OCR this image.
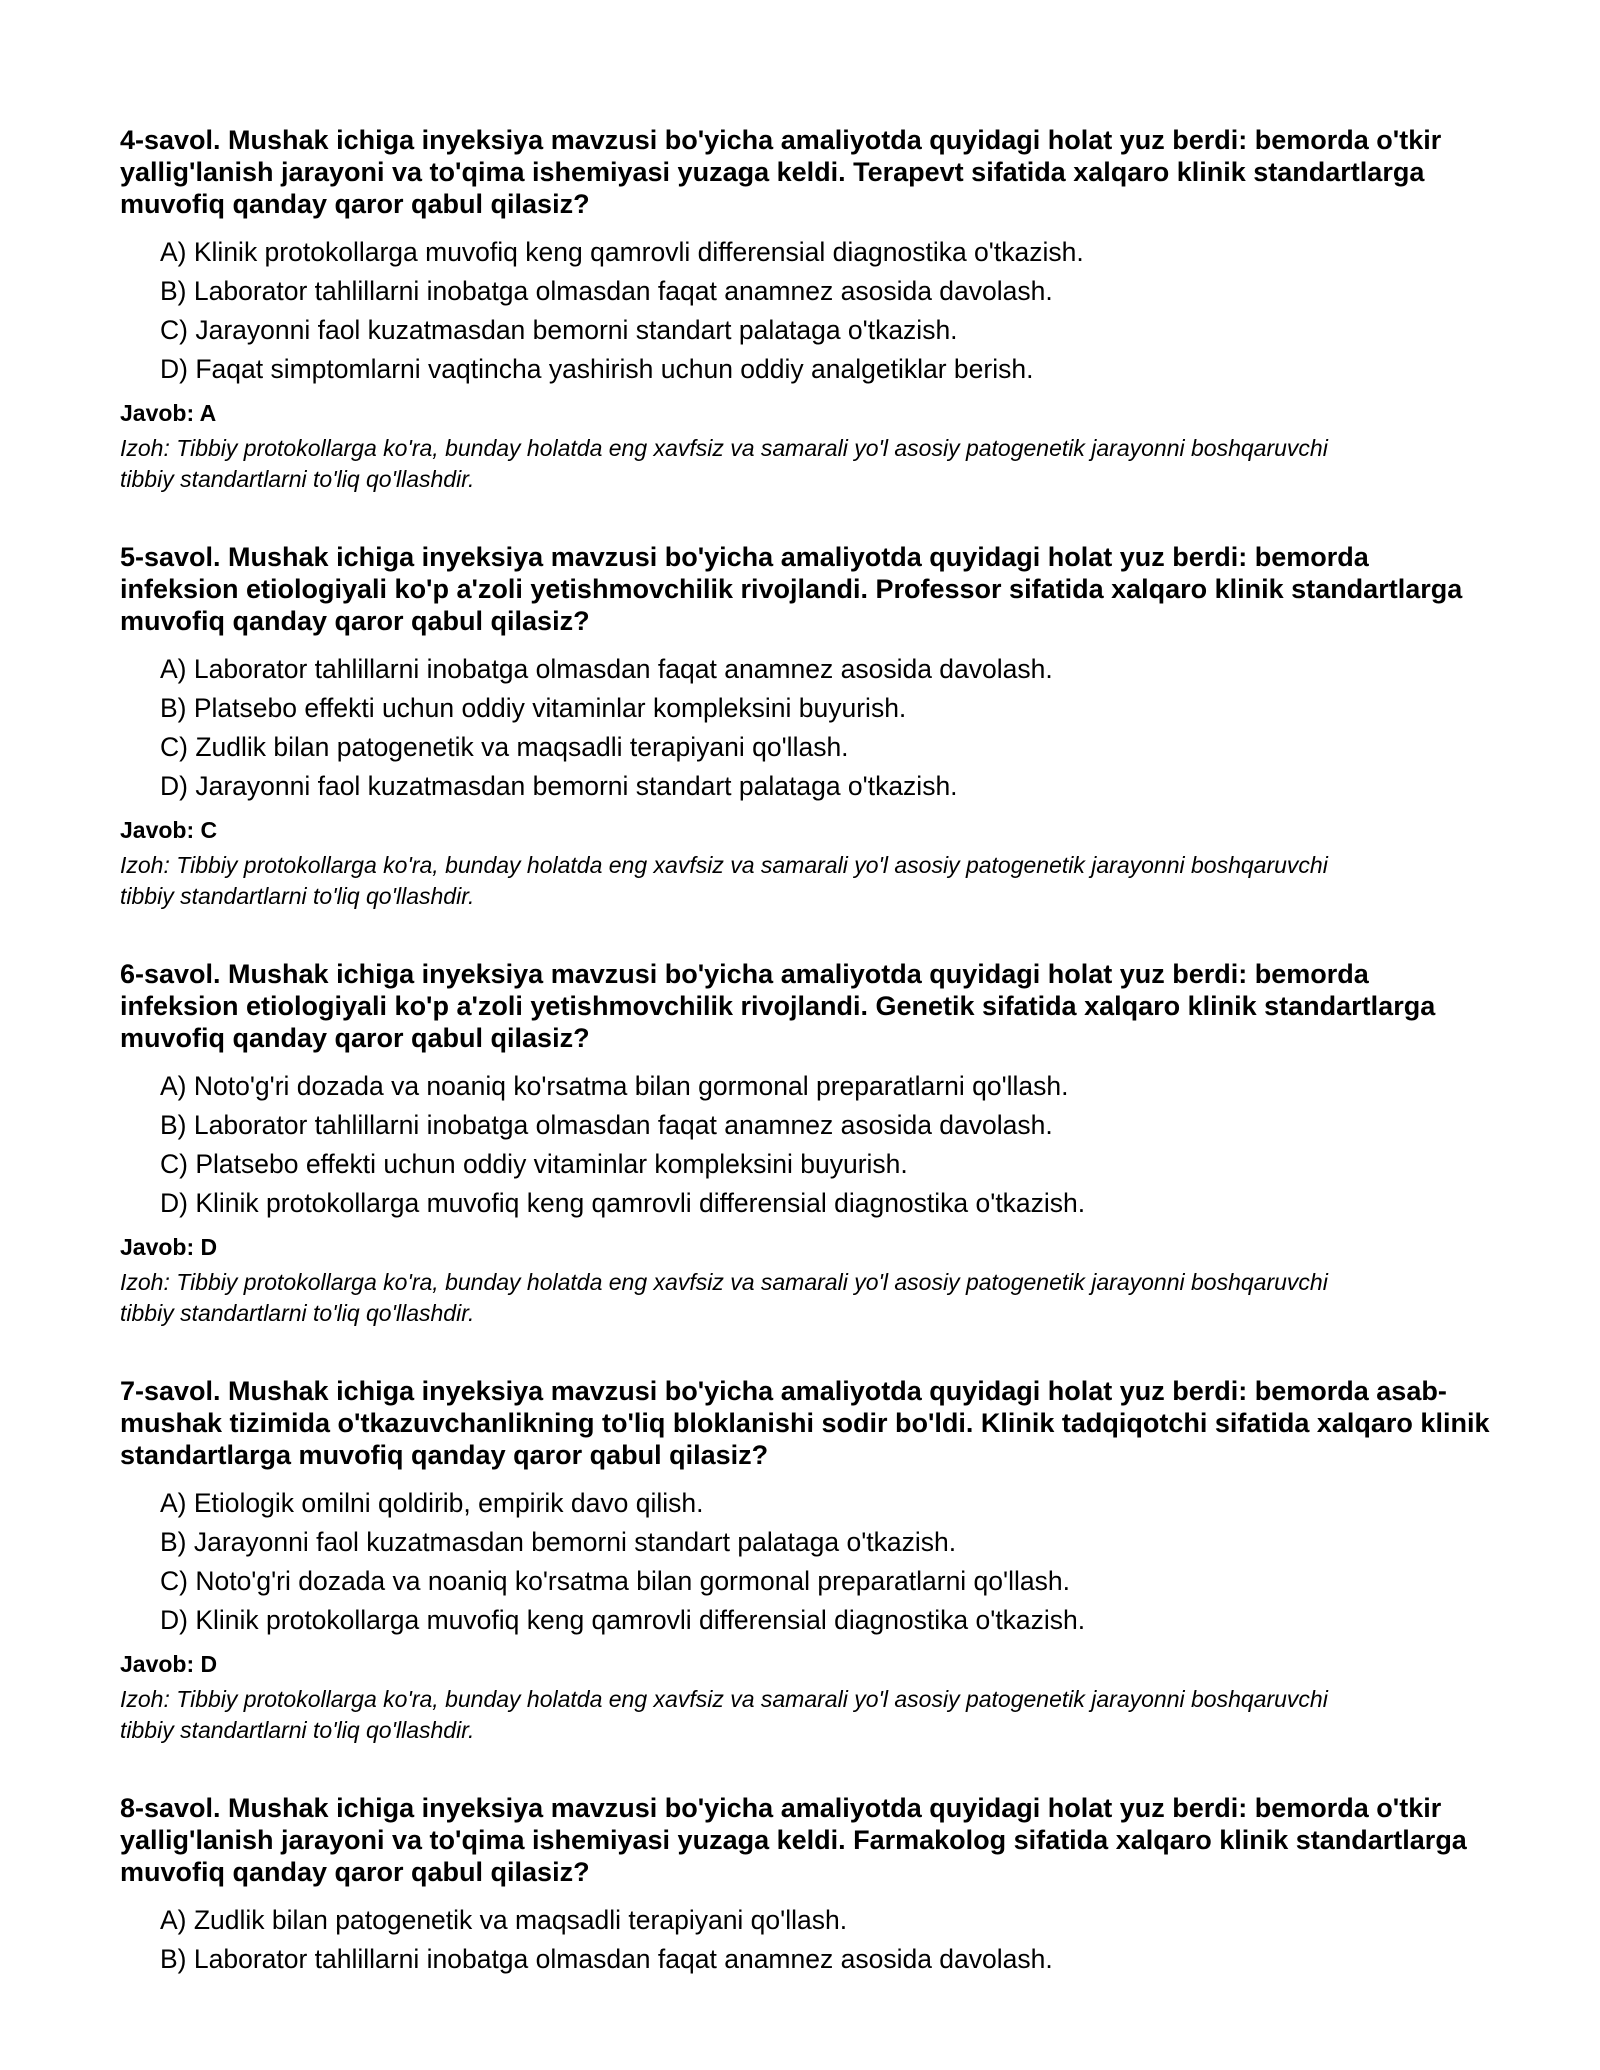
4-savol. Mushak ichiga inyeksiya mavzusi bo'yicha amaliyotda quyidagi holat yuz berdi: bemorda o'tkir yallig'lanish jarayoni va to'qima ishemiyasi yuzaga keldi. Terapevt sifatida xalqaro klinik standartlarga muvofiq qanday qaror qabul qilasiz?
A) Klinik protokollarga muvofiq keng qamrovli differensial diagnostika o'tkazish.
B) Laborator tahlillarni inobatga olmasdan faqat anamnez asosida davolash.
C) Jarayonni faol kuzatmasdan bemorni standart palataga o'tkazish.
D) Faqat simptomlarni vaqtincha yashirish uchun oddiy analgetiklar berish.
Javob: A
Izoh: Tibbiy protokollarga ko'ra, bunday holatda eng xavfsiz va samarali yo'l asosiy patogenetik jarayonni boshqaruvchi tibbiy standartlarni to'liq qo'llashdir.
5-savol. Mushak ichiga inyeksiya mavzusi bo'yicha amaliyotda quyidagi holat yuz berdi: bemorda infeksion etiologiyali ko'p a'zoli yetishmovchilik rivojlandi. Professor sifatida xalqaro klinik standartlarga muvofiq qanday qaror qabul qilasiz?
A) Laborator tahlillarni inobatga olmasdan faqat anamnez asosida davolash.
B) Platsebo effekti uchun oddiy vitaminlar kompleksini buyurish.
C) Zudlik bilan patogenetik va maqsadli terapiyani qo'llash.
D) Jarayonni faol kuzatmasdan bemorni standart palataga o'tkazish.
Javob: C
Izoh: Tibbiy protokollarga ko'ra, bunday holatda eng xavfsiz va samarali yo'l asosiy patogenetik jarayonni boshqaruvchi tibbiy standartlarni to'liq qo'llashdir.
6-savol. Mushak ichiga inyeksiya mavzusi bo'yicha amaliyotda quyidagi holat yuz berdi: bemorda infeksion etiologiyali ko'p a'zoli yetishmovchilik rivojlandi. Genetik sifatida xalqaro klinik standartlarga muvofiq qanday qaror qabul qilasiz?
A) Noto'g'ri dozada va noaniq ko'rsatma bilan gormonal preparatlarni qo'llash.
B) Laborator tahlillarni inobatga olmasdan faqat anamnez asosida davolash.
C) Platsebo effekti uchun oddiy vitaminlar kompleksini buyurish.
D) Klinik protokollarga muvofiq keng qamrovli differensial diagnostika o'tkazish.
Javob: D
Izoh: Tibbiy protokollarga ko'ra, bunday holatda eng xavfsiz va samarali yo'l asosiy patogenetik jarayonni boshqaruvchi tibbiy standartlarni to'liq qo'llashdir.
7-savol. Mushak ichiga inyeksiya mavzusi bo'yicha amaliyotda quyidagi holat yuz berdi: bemorda asab-mushak tizimida o'tkazuvchanlikning to'liq bloklanishi sodir bo'ldi. Klinik tadqiqotchi sifatida xalqaro klinik standartlarga muvofiq qanday qaror qabul qilasiz?
A) Etiologik omilni qoldirib, empirik davo qilish.
B) Jarayonni faol kuzatmasdan bemorni standart palataga o'tkazish.
C) Noto'g'ri dozada va noaniq ko'rsatma bilan gormonal preparatlarni qo'llash.
D) Klinik protokollarga muvofiq keng qamrovli differensial diagnostika o'tkazish.
Javob: D
Izoh: Tibbiy protokollarga ko'ra, bunday holatda eng xavfsiz va samarali yo'l asosiy patogenetik jarayonni boshqaruvchi tibbiy standartlarni to'liq qo'llashdir.
8-savol. Mushak ichiga inyeksiya mavzusi bo'yicha amaliyotda quyidagi holat yuz berdi: bemorda o'tkir yallig'lanish jarayoni va to'qima ishemiyasi yuzaga keldi. Farmakolog sifatida xalqaro klinik standartlarga muvofiq qanday qaror qabul qilasiz?
A) Zudlik bilan patogenetik va maqsadli terapiyani qo'llash.
B) Laborator tahlillarni inobatga olmasdan faqat anamnez asosida davolash.
